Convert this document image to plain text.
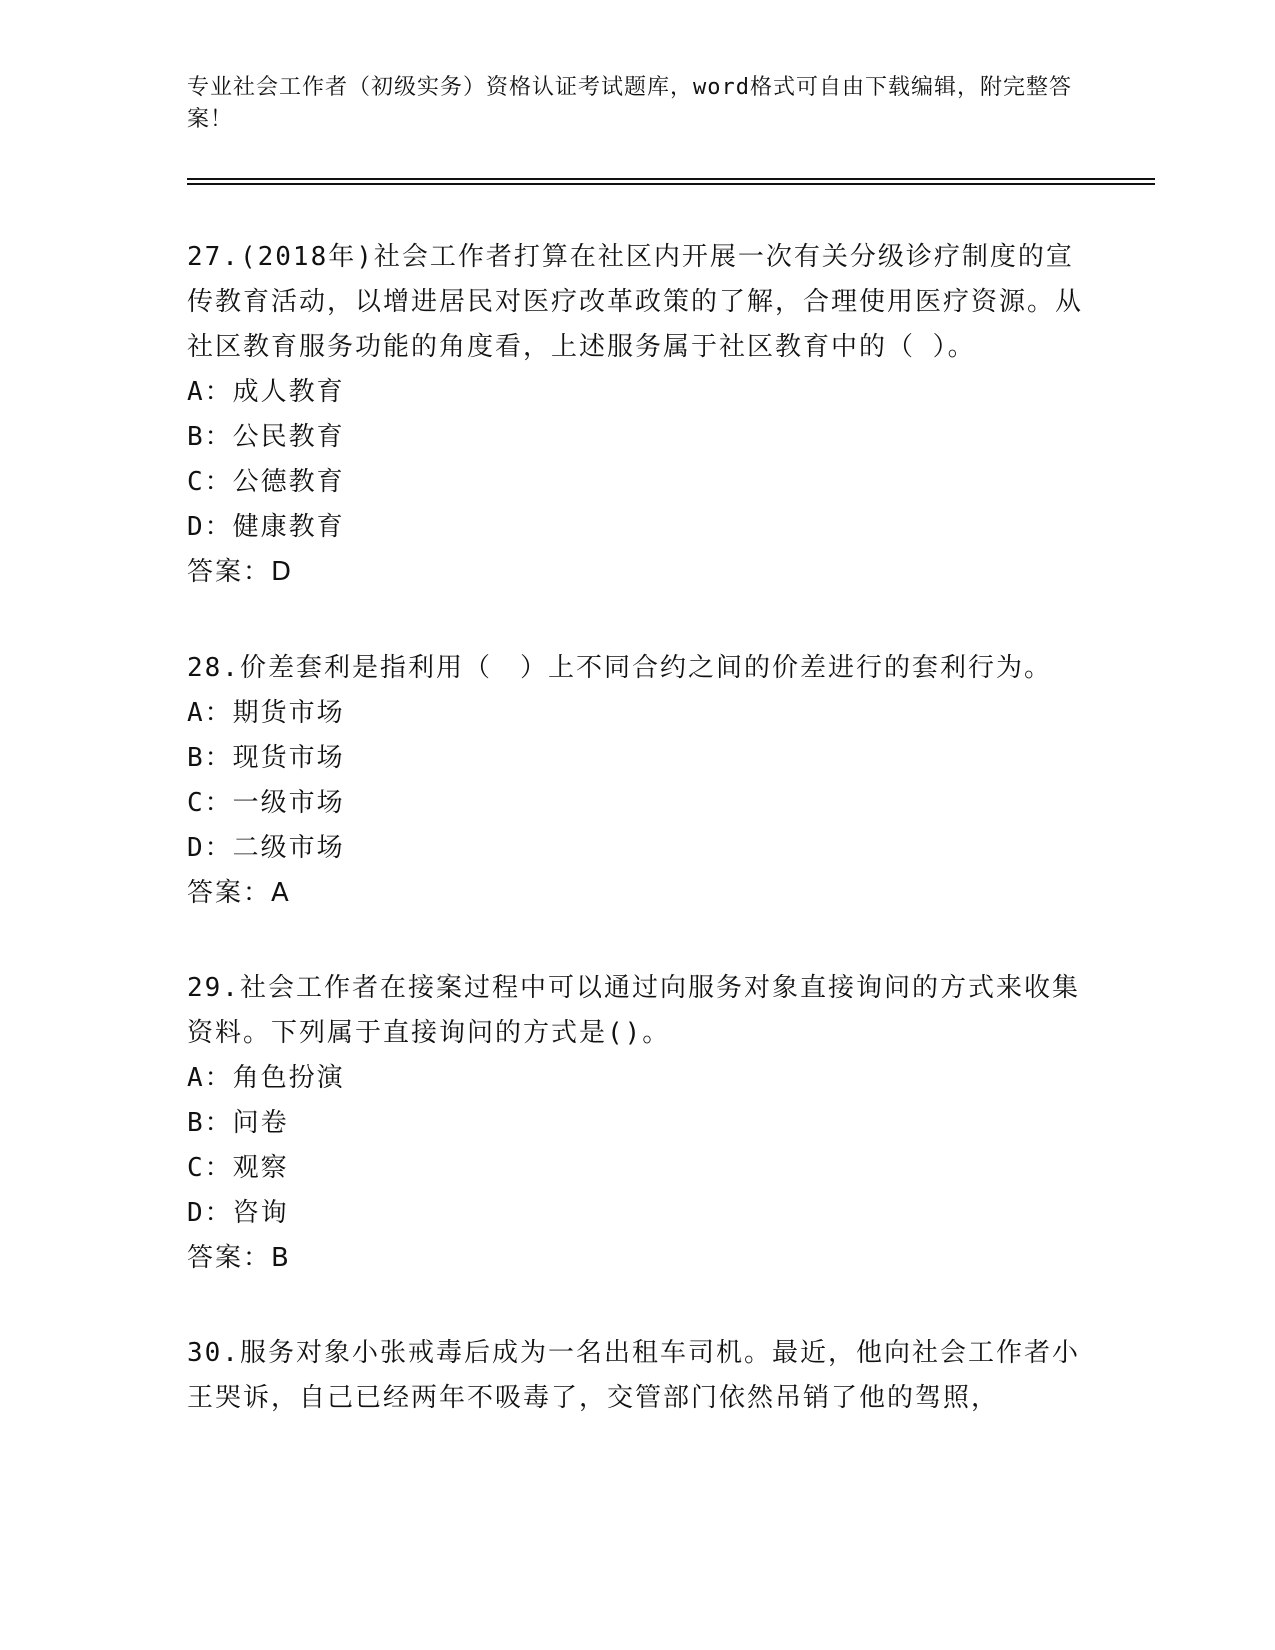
专业社会工作者（初级实务）资格认证考试题库，word格式可自由下载编辑，附完整答案！
27.(2018年)社会工作者打算在社区内开展一次有关分级诊疗制度的宣传教育活动，以增进居民对医疗改革政策的了解，合理使用医疗资源。从社区教育服务功能的角度看，上述服务属于社区教育中的（ ）。
A：成人教育
B：公民教育
C：公德教育
D：健康教育
答案：D
28.价差套利是指利用（　）上不同合约之间的价差进行的套利行为。
A：期货市场
B：现货市场
C：一级市场
D：二级市场
答案：A
29.社会工作者在接案过程中可以通过向服务对象直接询问的方式来收集资料。下列属于直接询问的方式是()。
A：角色扮演
B：问卷
C：观察
D：咨询
答案：B
30.服务对象小张戒毒后成为一名出租车司机。最近，他向社会工作者小王哭诉，自己已经两年不吸毒了，交管部门依然吊销了他的驾照，
